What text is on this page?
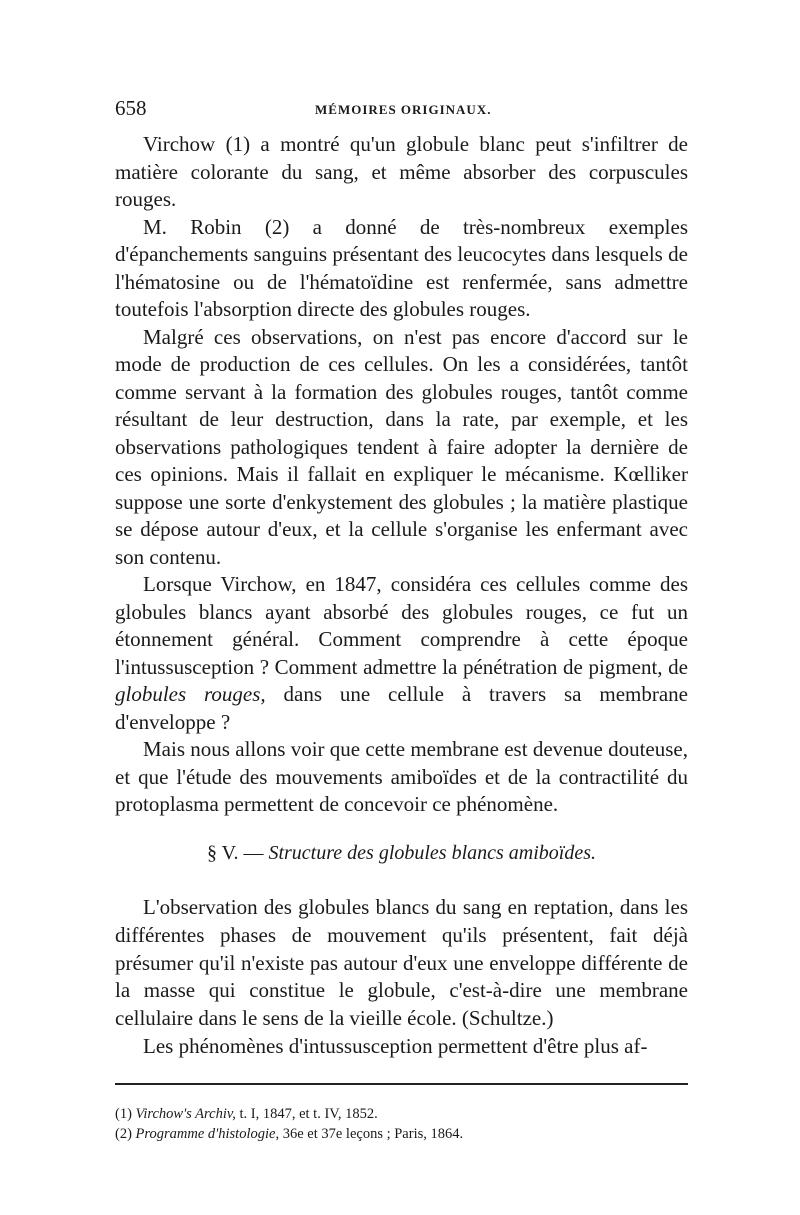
658	MÉMOIRES ORIGINAUX.

Virchow (1) a montré qu'un globule blanc peut s'infiltrer de matière colorante du sang, et même absorber des corpuscules rouges.

M. Robin (2) a donné de très-nombreux exemples d'épanchements sanguins présentant des leucocytes dans lesquels de l'hématosine ou de l'hématoïdine est renfermée, sans admettre toutefois l'absorption directe des globules rouges.

Malgré ces observations, on n'est pas encore d'accord sur le mode de production de ces cellules. On les a considérées, tantôt comme servant à la formation des globules rouges, tantôt comme résultant de leur destruction, dans la rate, par exemple, et les observations pathologiques tendent à faire adopter la dernière de ces opinions. Mais il fallait en expliquer le mécanisme. Kœlliker suppose une sorte d'enkystement des globules ; la matière plastique se dépose autour d'eux, et la cellule s'organise les enfermant avec son contenu.

Lorsque Virchow, en 1847, considéra ces cellules comme des globules blancs ayant absorbé des globules rouges, ce fut un étonnement général. Comment comprendre à cette époque l'intussusception ? Comment admettre la pénétration de pigment, de globules rouges, dans une cellule à travers sa membrane d'enveloppe ?

Mais nous allons voir que cette membrane est devenue douteuse, et que l'étude des mouvements amiboïdes et de la contractilité du protoplasma permettent de concevoir ce phénomène.

§ V. — Structure des globules blancs amiboïdes.

L'observation des globules blancs du sang en reptation, dans les différentes phases de mouvement qu'ils présentent, fait déjà présumer qu'il n'existe pas autour d'eux une enveloppe différente de la masse qui constitue le globule, c'est-à-dire une membrane cellulaire dans le sens de la vieille école. (Schultze.)

Les phénomènes d'intussusception permettent d'être plus af-

(1) Virchow's Archiv, t. I, 1847, et t. IV, 1852.
(2) Programme d'histologie, 36e et 37e leçons ; Paris, 1864.
